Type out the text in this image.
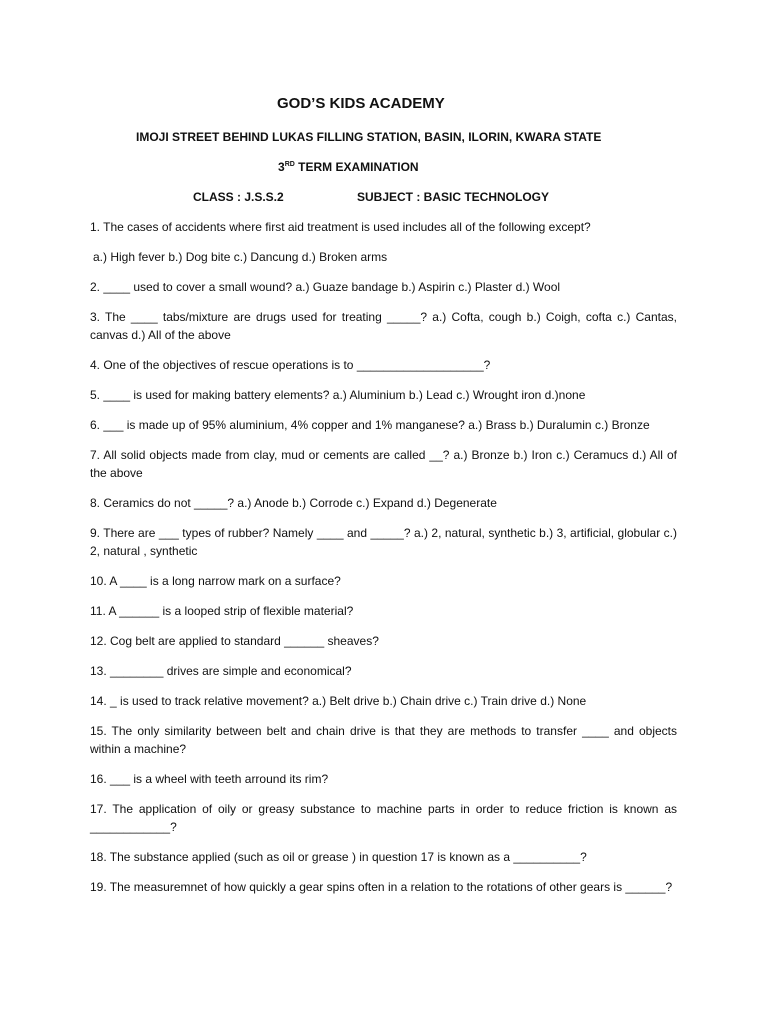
GOD’S KIDS ACADEMY
IMOJI STREET BEHIND LUKAS FILLING STATION, BASIN, ILORIN, KWARA STATE
3RD TERM EXAMINATION
CLASS : J.S.S.2	SUBJECT : BASIC TECHNOLOGY

1. The cases of accidents where first aid treatment is used includes all of the following except?

a.) High fever b.) Dog bite c.) Dancung d.) Broken arms

2. ____ used to cover a small wound? a.) Guaze bandage b.) Aspirin c.) Plaster d.) Wool

3. The ____ tabs/mixture are drugs used for treating _____? a.) Cofta, cough b.) Coigh, cofta c.) Cantas, canvas d.) All of the above

4. One of the objectives of rescue operations is to ___________________?

5. ____ is used for making battery elements? a.) Aluminium b.) Lead c.) Wrought iron d.)none

6. ___ is made up of 95% aluminium, 4% copper and 1% manganese? a.) Brass b.) Duralumin c.) Bronze

7. All solid objects made from clay, mud or cements are called __? a.) Bronze b.) Iron c.) Ceramucs d.) All of the above

8. Ceramics do not _____? a.) Anode b.) Corrode c.) Expand d.) Degenerate

9. There are ___ types of rubber? Namely ____ and _____? a.) 2, natural, synthetic b.) 3, artificial, globular c.) 2, natural , synthetic

10. A ____ is a long narrow mark on a surface?

11. A ______ is a looped strip of flexible material?

12. Cog belt are applied to standard ______ sheaves?

13. ________ drives are simple and economical?

14. _ is used to track relative movement? a.) Belt drive b.) Chain drive c.) Train drive d.) None

15. The only similarity between belt and chain drive is that they are methods to transfer ____ and objects within a machine?

16. ___ is a wheel with teeth arround its rim?

17. The application of oily or greasy substance to machine parts in order to reduce friction is known as ____________?

18. The substance applied (such as oil or grease ) in question 17 is known as a __________?

19. The measuremnet of how quickly a gear spins often in a relation to the rotations of other gears is ______?
